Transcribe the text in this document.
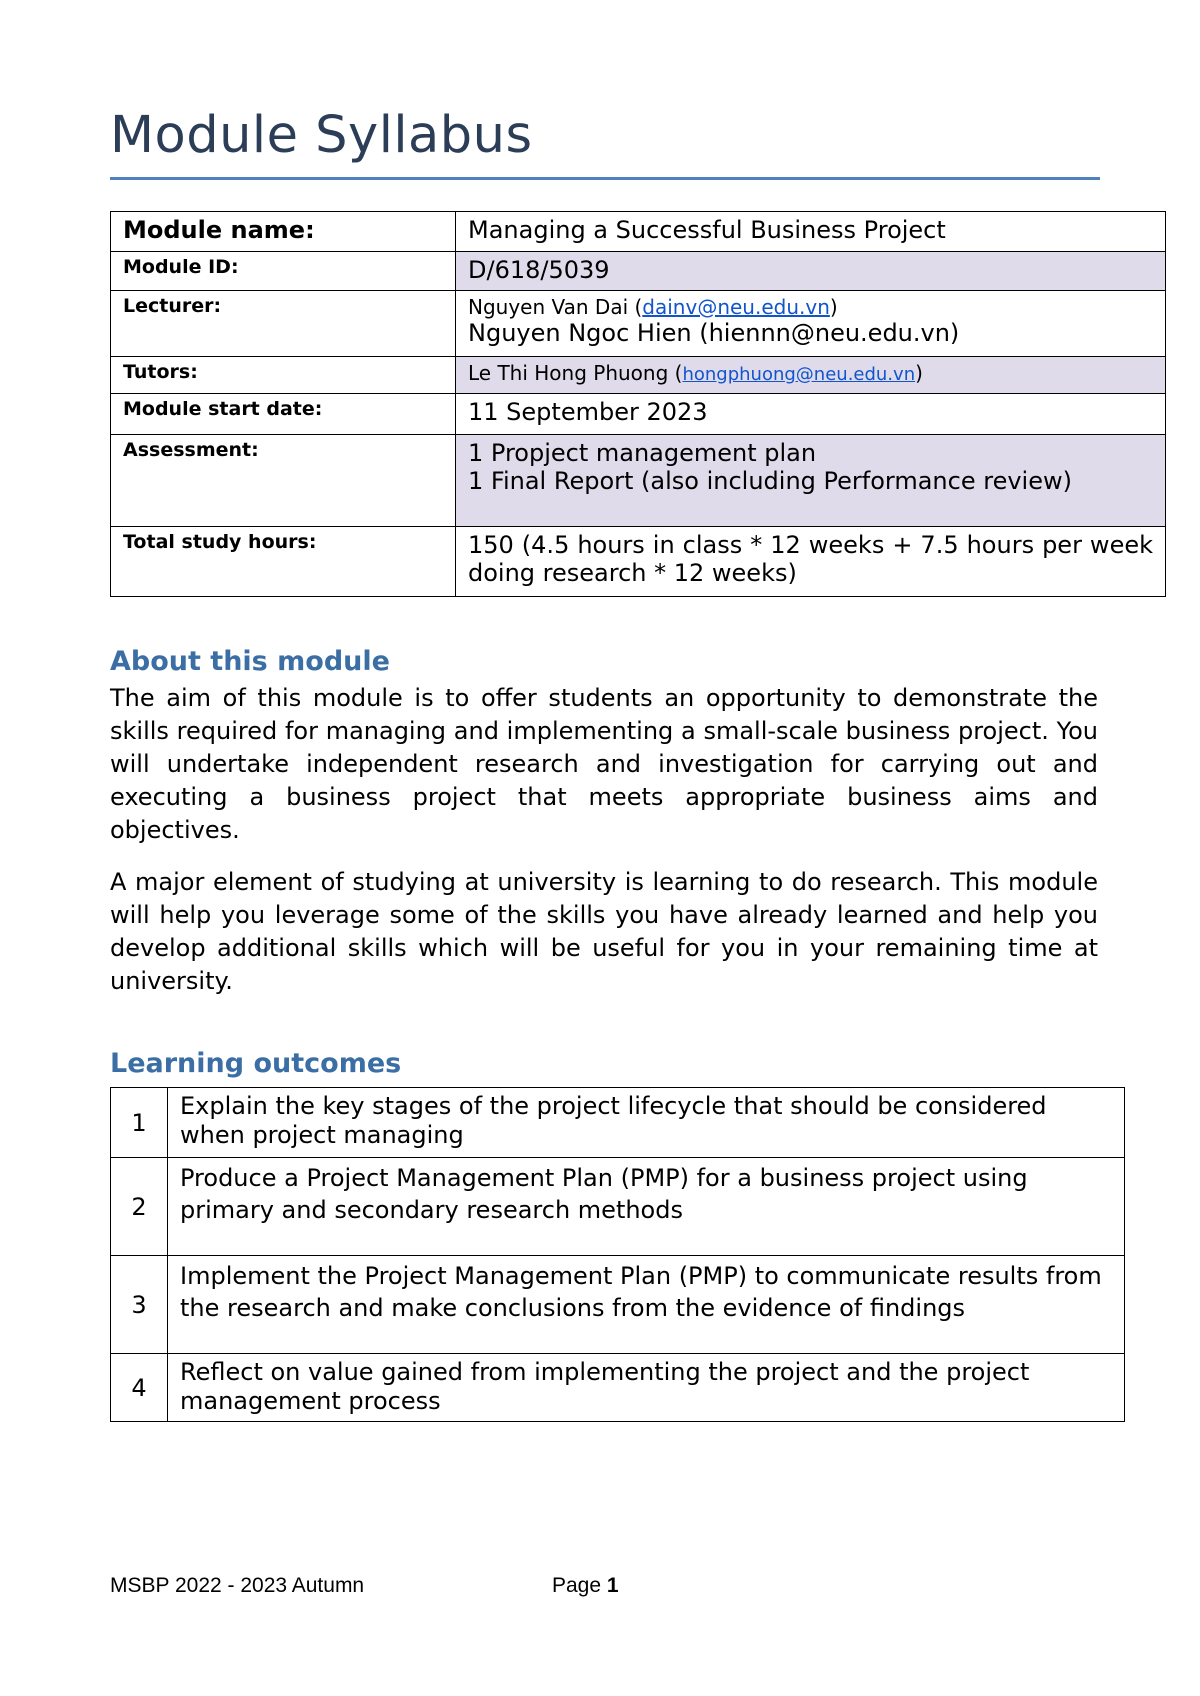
Module Syllabus
Module name:	Managing a Successful Business Project
Module ID:	D/618/5039
Lecturer:	Nguyen Van Dai (dainv@neu.edu.vn)
Nguyen Ngoc Hien (hiennn@neu.edu.vn)

Tutors:	Le Thi Hong Phuong (hongphuong@neu.edu.vn)
Module start date:	11 September 2023
Assessment:	1 Propject management plan
1 Final Report (also including Performance review)

Total study hours:	150 (4.5 hours in class * 12 weeks + 7.5 hours per week doing research * 12 weeks)
About this module

The aim of this module is to offer students an opportunity to demonstrate the skills required for managing and implementing a small-scale business project. You will undertake independent research and investigation for carrying out and executing a business project that meets appropriate business aims and objectives.

A major element of studying at university is learning to do research. This module will help you leverage some of the skills you have already learned and help you develop additional skills which will be useful for you in your remaining time at university.

Learning outcomes
1	Explain the key stages of the project lifecycle that should be considered when project managing
2	Produce a Project Management Plan (PMP) for a business project using primary and secondary research methods
3	Implement the Project Management Plan (PMP) to communicate results from the research and make conclusions from the evidence of findings
4	Reflect on value gained from implementing the project and the project management process
MSBP 2022 - 2023 Autumn	Page 1
